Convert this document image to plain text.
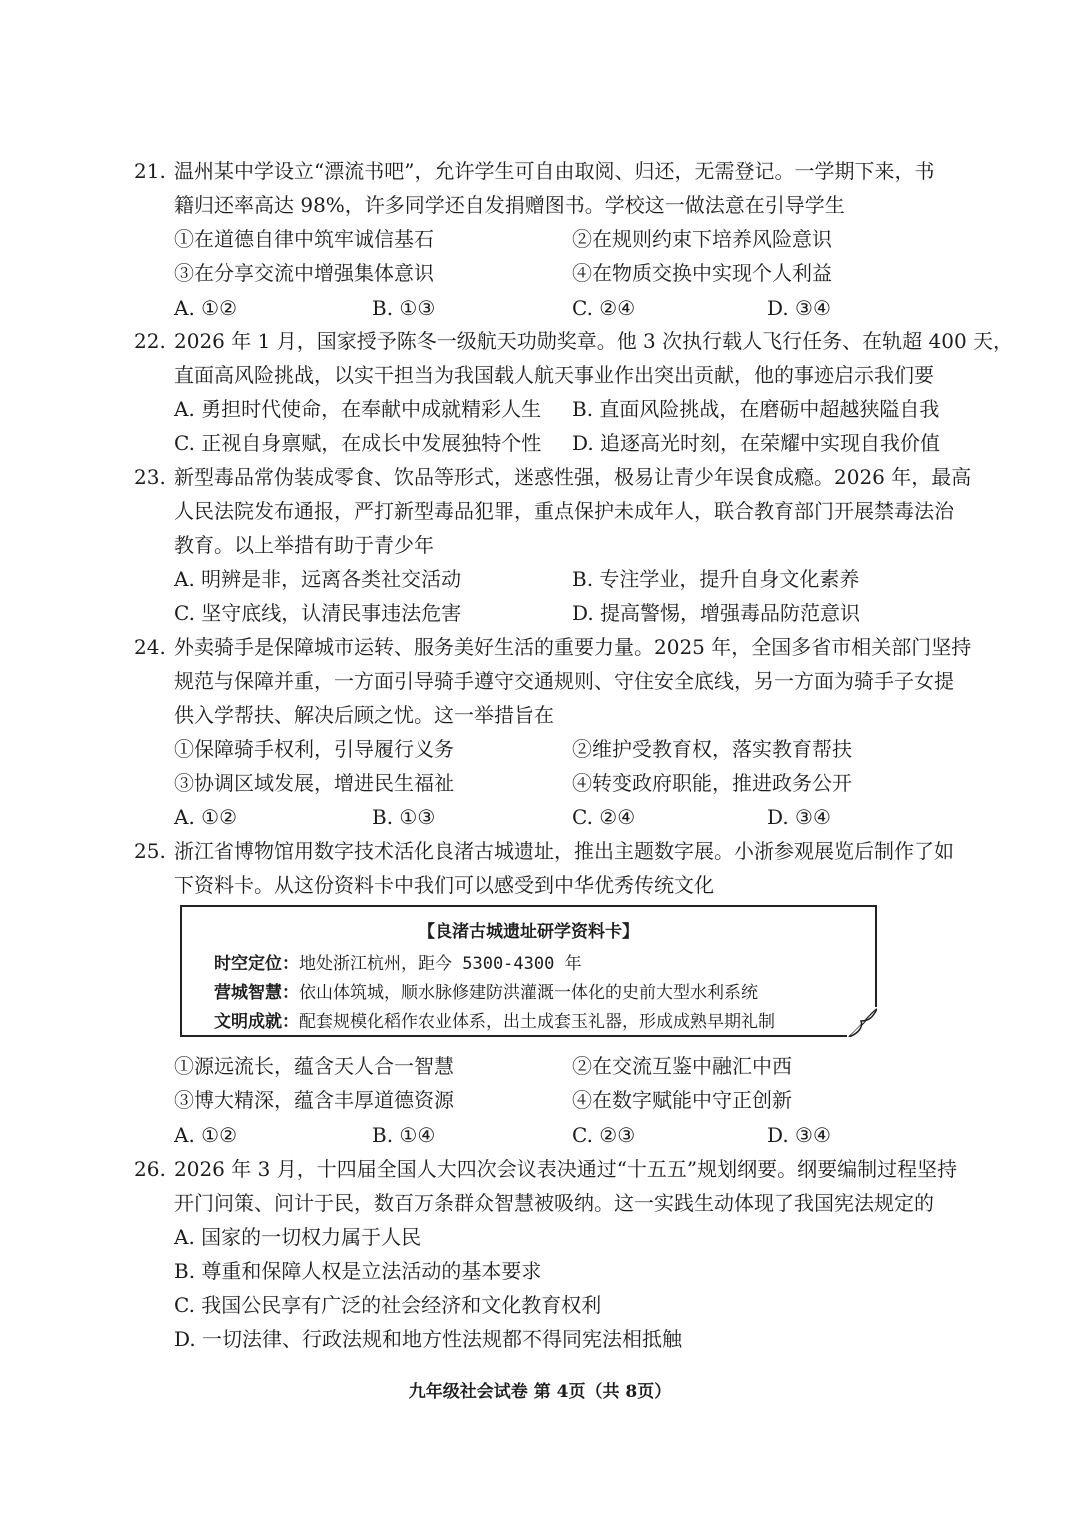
21. 温州某中学设立“漂流书吧”，允许学生可自由取阅、归还，无需登记。一学期下来，书
籍归还率高达 98%，许多同学还自发捐赠图书。学校这一做法意在引导学生
①在道德自律中筑牢诚信基石	②在规则约束下培养风险意识
③在分享交流中增强集体意识	④在物质交换中实现个人利益
A. ①②	B. ①③	C. ②④	D. ③④
22. 2026 年 1 月，国家授予陈冬一级航天功勋奖章。他 3 次执行载人飞行任务、在轨超 400 天，
直面高风险挑战，以实干担当为我国载人航天事业作出突出贡献，他的事迹启示我们要
A. 勇担时代使命，在奉献中成就精彩人生 B. 直面风险挑战，在磨砺中超越狭隘自我
C. 正视自身禀赋，在成长中发展独特个性 D. 追逐高光时刻，在荣耀中实现自我价值
23. 新型毒品常伪装成零食、饮品等形式，迷惑性强，极易让青少年误食成瘾。2026 年，最高
人民法院发布通报，严打新型毒品犯罪，重点保护未成年人，联合教育部门开展禁毒法治
教育。以上举措有助于青少年
A. 明辨是非，远离各类社交活动	B. 专注学业，提升自身文化素养
C. 坚守底线，认清民事违法危害	D. 提高警惕，增强毒品防范意识
24. 外卖骑手是保障城市运转、服务美好生活的重要力量。2025 年，全国多省市相关部门坚持
规范与保障并重，一方面引导骑手遵守交通规则、守住安全底线，另一方面为骑手子女提
供入学帮扶、解决后顾之忧。这一举措旨在
①保障骑手权利，引导履行义务	②维护受教育权，落实教育帮扶
③协调区域发展，增进民生福祉	④转变政府职能，推进政务公开
A. ①②	B. ①③	C. ②④	D. ③④
25. 浙江省博物馆用数字技术活化良渚古城遗址，推出主题数字展。小浙参观展览后制作了如
下资料卡。从这份资料卡中我们可以感受到中华优秀传统文化
【良渚古城遗址研学资料卡】
时空定位：地处浙江杭州，距今 5300-4300 年
营城智慧：依山体筑城，顺水脉修建防洪灌溉一体化的史前大型水利系统
文明成就：配套规模化稻作农业体系，出土成套玉礼器，形成成熟早期礼制
①源远流长，蕴含天人合一智慧	②在交流互鉴中融汇中西
③博大精深，蕴含丰厚道德资源	④在数字赋能中守正创新
A. ①②	B. ①④	C. ②③	D. ③④
26. 2026 年 3 月，十四届全国人大四次会议表决通过“十五五”规划纲要。纲要编制过程坚持
开门问策、问计于民，数百万条群众智慧被吸纳。这一实践生动体现了我国宪法规定的
A. 国家的一切权力属于人民
B. 尊重和保障人权是立法活动的基本要求
C. 我国公民享有广泛的社会经济和文化教育权利
D. 一切法律、行政法规和地方性法规都不得同宪法相抵触
九年级社会试卷 第 4页（共 8页）
